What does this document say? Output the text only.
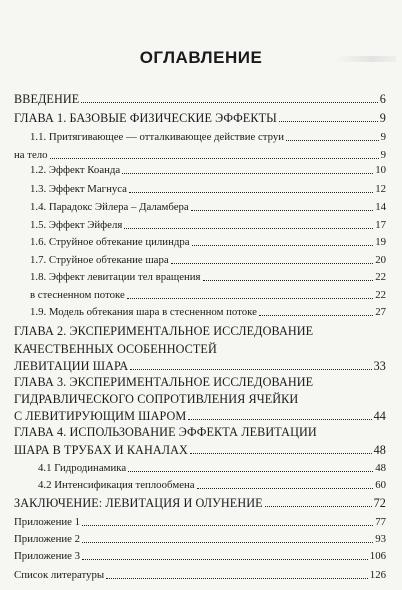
ОГЛАВЛЕНИЕ
ВВЕДЕНИЕ	6
ГЛАВА 1. БАЗОВЫЕ ФИЗИЧЕСКИЕ ЭФФЕКТЫ	9
1.1. Притягивающее — отталкивающее действие струи	9
на тело	9
1.2. Эффект Коанда	10
1.3. Эффект Магнуса	12
1.4. Парадокс Эйлера – Даламбера	14
1.5. Эффект Эйфеля	17
1.6. Струйное обтекание цилиндра	19
1.7. Струйное обтекание шара	20
1.8. Эффект левитации тел вращения	22
в стесненном потоке	22
1.9. Модель обтекания шара в стесненном потоке	27
ГЛАВА 2. ЭКСПЕРИМЕНТАЛЬНОЕ ИССЛЕДОВАНИЕ
КАЧЕСТВЕННЫХ ОСОБЕННОСТЕЙ
ЛЕВИТАЦИИ ШАРА	33
ГЛАВА 3. ЭКСПЕРИМЕНТАЛЬНОЕ ИССЛЕДОВАНИЕ
ГИДРАВЛИЧЕСКОГО СОПРОТИВЛЕНИЯ ЯЧЕЙКИ
С ЛЕВИТИРУЮЩИМ ШАРОМ	44
ГЛАВА 4. ИСПОЛЬЗОВАНИЕ ЭФФЕКТА ЛЕВИТАЦИИ
ШАРА В ТРУБАХ И КАНАЛАХ	48
4.1 Гидродинамика	48
4.2 Интенсификация теплообмена	60
ЗАКЛЮЧЕНИЕ: ЛЕВИТАЦИЯ И ОЛУНЕНИЕ	72
Приложение 1	77
Приложение 2	93
Приложение 3	106
Список литературы	126
